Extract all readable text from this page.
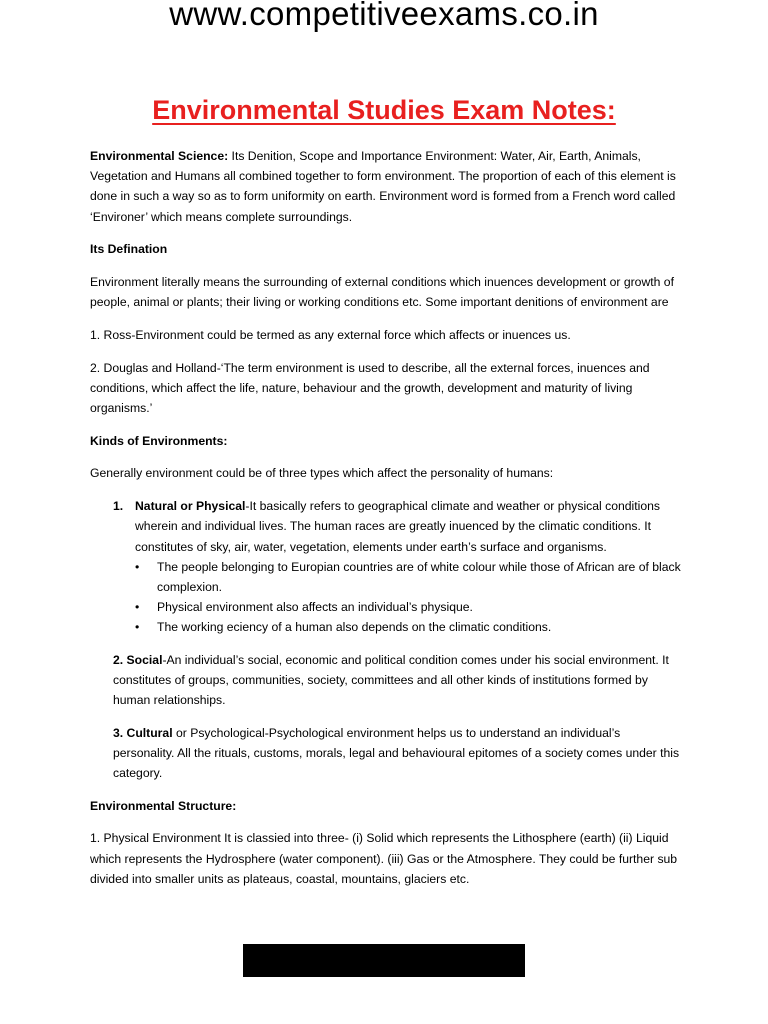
www.competitiveexams.co.in
Environmental Studies Exam Notes:

Environmental Science: Its Denition, Scope and Importance Environment: Water, Air, Earth, Animals, Vegetation and Humans all combined together to form environment. The proportion of each of this element is done in such a way so as to form uniformity on earth. Environment word is formed from a French word called ‘Environer’ which means complete surroundings.

Its Defination

Environment literally means the surrounding of external conditions which inuences development or growth of people, animal or plants; their living or working conditions etc. Some important denitions of environment are

1. Ross-Environment could be termed as any external force which affects or inuences us.

2. Douglas and Holland-‘The term environment is used to describe, all the external forces, inuences and conditions, which affect the life, nature, behaviour and the growth, development and maturity of living organisms.’

Kinds of Environments:

Generally environment could be of three types which affect the personality of humans:

1. Natural or Physical-It basically refers to geographical climate and weather or physical conditions wherein and individual lives. The human races are greatly inuenced by the climatic conditions. It constitutes of sky, air, water, vegetation, elements under earth’s surface and organisms.
• The people belonging to Europian countries are of white colour while those of African are of black complexion.
• Physical environment also affects an individual’s physique.
• The working eciency of a human also depends on the climatic conditions.

2. Social-An individual’s social, economic and political condition comes under his social environment. It constitutes of groups, communities, society, committees and all other kinds of institutions formed by human relationships.

3. Cultural or Psychological-Psychological environment helps us to understand an individual’s personality. All the rituals, customs, morals, legal and behavioural epitomes of a society comes under this category.

Environmental Structure:

1. Physical Environment It is classied into three- (i) Solid which represents the Lithosphere (earth) (ii) Liquid which represents the Hydrosphere (water component). (iii) Gas or the Atmosphere. They could be further sub divided into smaller units as plateaus, coastal, mountains, glaciers etc.
